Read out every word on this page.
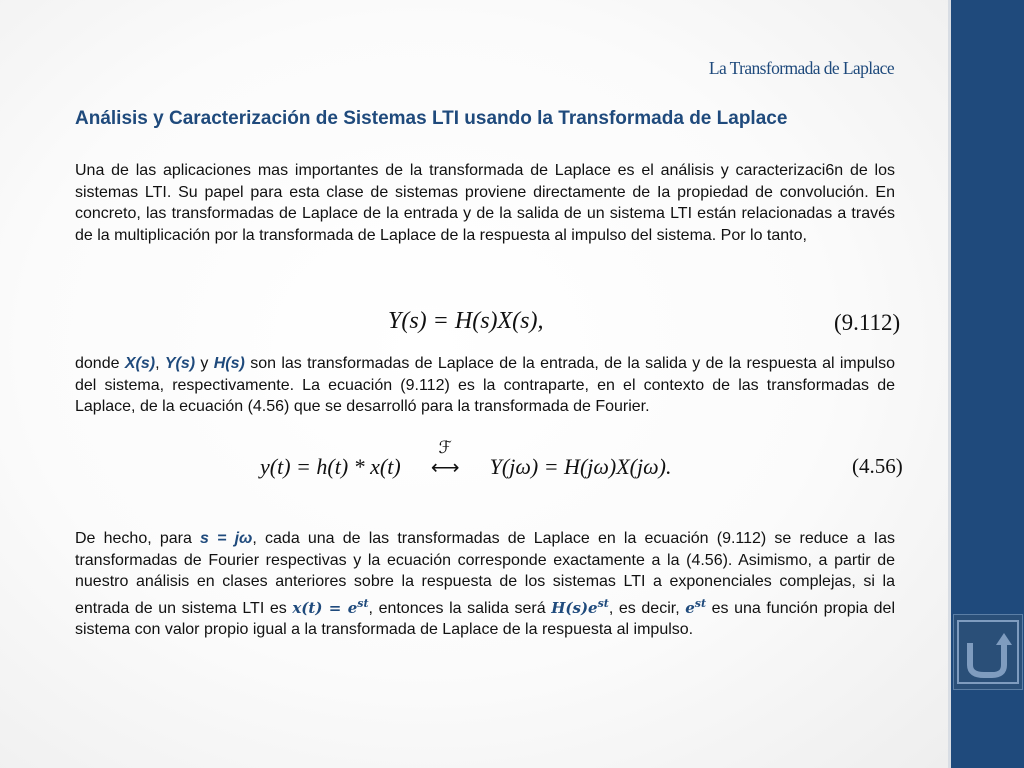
La Transformada de Laplace
Análisis y Caracterización de Sistemas LTI usando la Transformada de Laplace
Una de las aplicaciones mas importantes de la transformada de Laplace es el análisis y caracterizaci6n de los sistemas LTI. Su papel para esta clase de sistemas proviene directamente de Ia propiedad de convolución. En concreto, las transformadas de Laplace de la entrada y de la salida de un sistema LTI están relacionadas a través de la multiplicación por la transformada de Laplace de la respuesta al impulso del sistema. Por lo tanto,
Y(s) = H(s)X(s),	(9.112)
donde X(s), Y(s) y H(s) son las transformadas de Laplace de la entrada, de la salida y de la respuesta al impulso del sistema, respectivamente. La ecuación (9.112) es la contraparte, en el contexto de las transformadas de Laplace, de la ecuación (4.56) que se desarrolló para la transformada de Fourier.
y(t) = h(t) * x(t)
ℱ
⟷ Y(jω) = H(jω)X(jω).	(4.56)
De hecho, para s = jω, cada una de las transformadas de Laplace en la ecuación (9.112) se reduce a Ias transformadas de Fourier respectivas y la ecuación corresponde exactamente a la (4.56). Asimismo, a partir de nuestro análisis en clases anteriores sobre la respuesta de los sistemas LTI a exponenciales complejas, si la entrada de un sistema LTI es $x(t) = e^{st}$, entonces la salida será $H(s)e^{st}$, es decir, $e^{st}$ es una función propia del sistema con valor propio igual a la transformada de Laplace de la respuesta al impulso.
